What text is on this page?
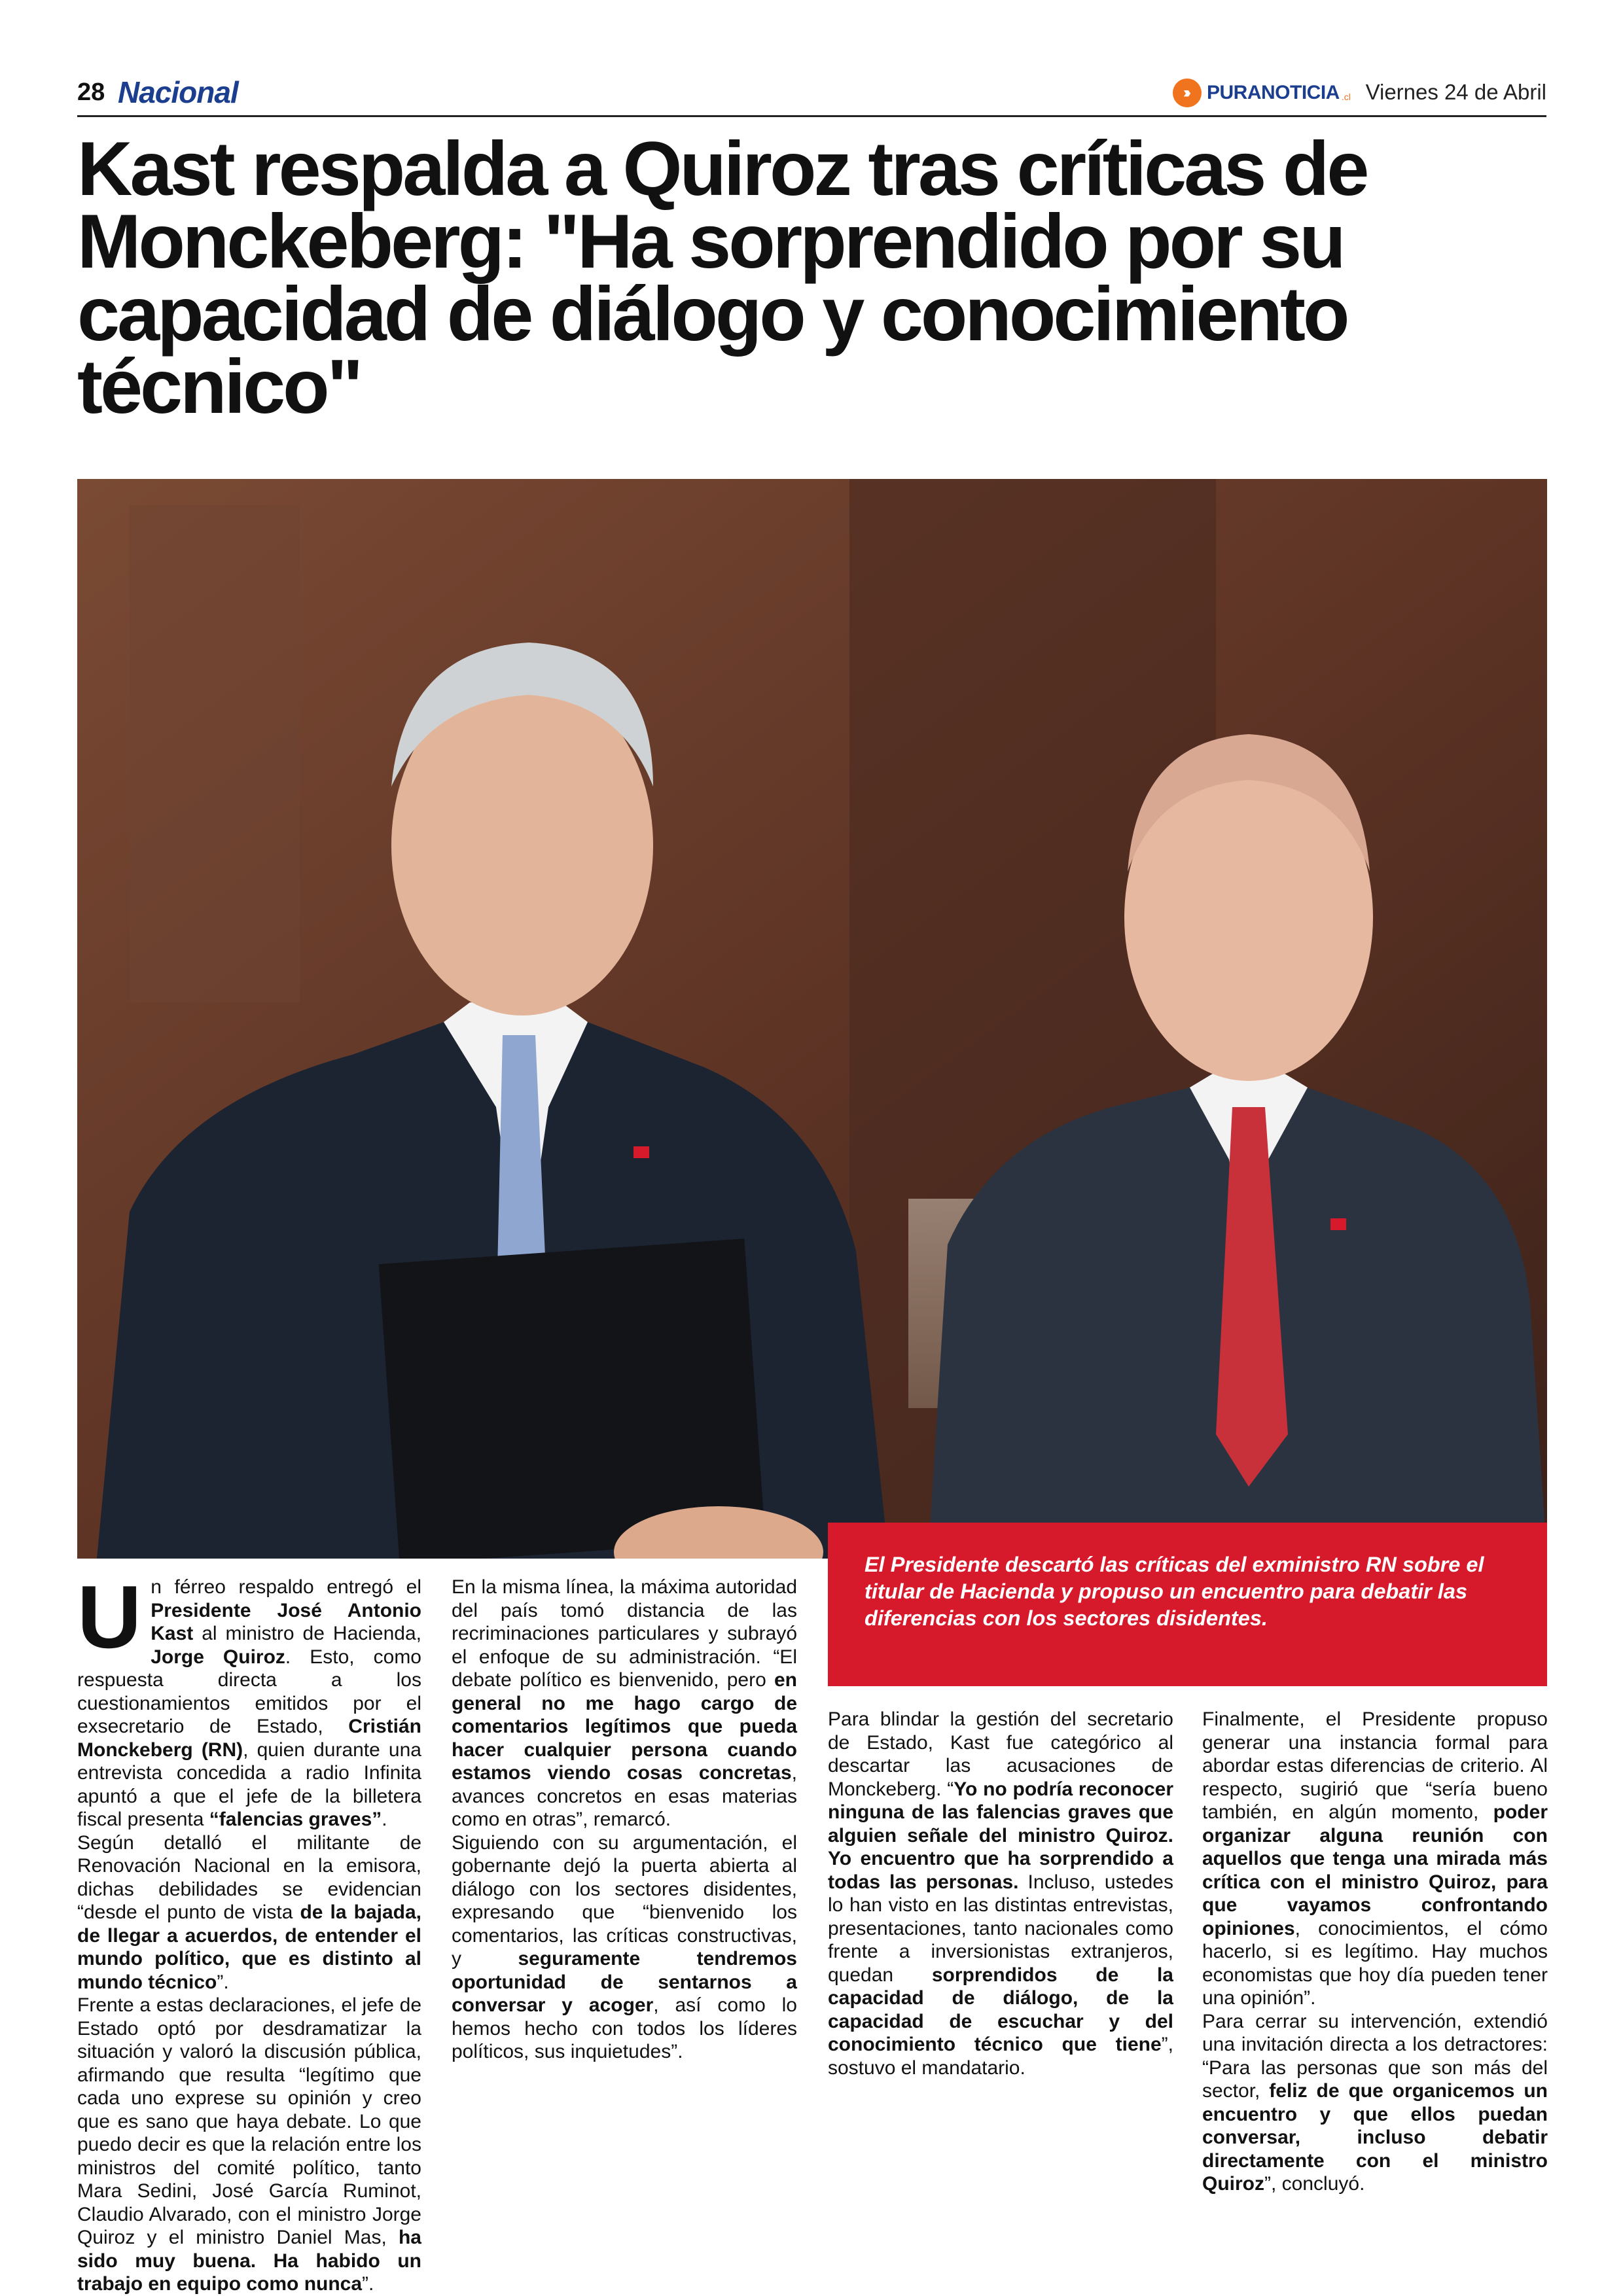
28 Nacional	›››	PURANOTICIA .cl Viernes 24 de Abril
Kast respalda a Quiroz tras críticas de Monckeberg: "Ha sorprendido por su capacidad de diálogo y conocimiento técnico"
El Presidente descartó las críticas del exministro RN sobre el titular de Hacienda y propuso un encuentro para debatir las diferencias con los sectores disidentes.

Un férreo respaldo entregó el Presidente José Antonio Kast al ministro de Hacienda, Jorge Quiroz. Esto, como respuesta directa a los cuestionamientos emitidos por el exsecretario de Estado, Cristián Monckeberg (RN), quien durante una entrevista concedida a radio Infinita apuntó a que el jefe de la billetera fiscal presenta “falencias graves”.

Según detalló el militante de Renovación Nacional en la emisora, dichas debilidades se evidencian “desde el punto de vista de la bajada, de llegar a acuerdos, de entender el mundo político, que es distinto al mundo técnico”.

Frente a estas declaraciones, el jefe de Estado optó por desdramatizar la situación y valoró la discusión pública, afirmando que resulta “legítimo que cada uno exprese su opinión y creo que es sano que haya debate. Lo que puedo decir es que la relación entre los ministros del comité político, tanto Mara Sedini, José García Ruminot, Claudio Alvarado, con el ministro Jorge Quiroz y el ministro Daniel Mas, ha sido muy buena. Ha habido un trabajo en equipo como nunca”.

En la misma línea, la máxima autoridad del país tomó distancia de las recriminaciones particulares y subrayó el enfoque de su administración. “El debate político es bienvenido, pero en general no me hago cargo de comentarios legítimos que pueda hacer cualquier persona cuando estamos viendo cosas concretas, avances concretos en esas materias como en otras”, remarcó.

Siguiendo con su argumentación, el gobernante dejó la puerta abierta al diálogo con los sectores disidentes, expresando que “bienvenido los comentarios, las críticas constructivas, y seguramente tendremos oportunidad de sentarnos a conversar y acoger, así como lo hemos hecho con todos los líderes políticos, sus inquietudes”.

Para blindar la gestión del secretario de Estado, Kast fue categórico al descartar las acusaciones de Monckeberg. “Yo no podría reconocer ninguna de las falencias graves que alguien señale del ministro Quiroz. Yo encuentro que ha sorprendido a todas las personas. Incluso, ustedes lo han visto en las distintas entrevistas, presentaciones, tanto nacionales como frente a inversionistas extranjeros, quedan sorprendidos de la capacidad de diálogo, de la capacidad de escuchar y del conocimiento técnico que tiene”, sostuvo el mandatario.

Finalmente, el Presidente propuso generar una instancia formal para abordar estas diferencias de criterio. Al respecto, sugirió que “sería bueno también, en algún momento, poder organizar alguna reunión con aquellos que tenga una mirada más crítica con el ministro Quiroz, para que vayamos confrontando opiniones, conocimientos, el cómo hacerlo, si es legítimo. Hay muchos economistas que hoy día pueden tener una opinión”.

Para cerrar su intervención, extendió una invitación directa a los detractores: “Para las personas que son más del sector, feliz de que organicemos un encuentro y que ellos puedan conversar, incluso debatir directamente con el ministro Quiroz”, concluyó.
